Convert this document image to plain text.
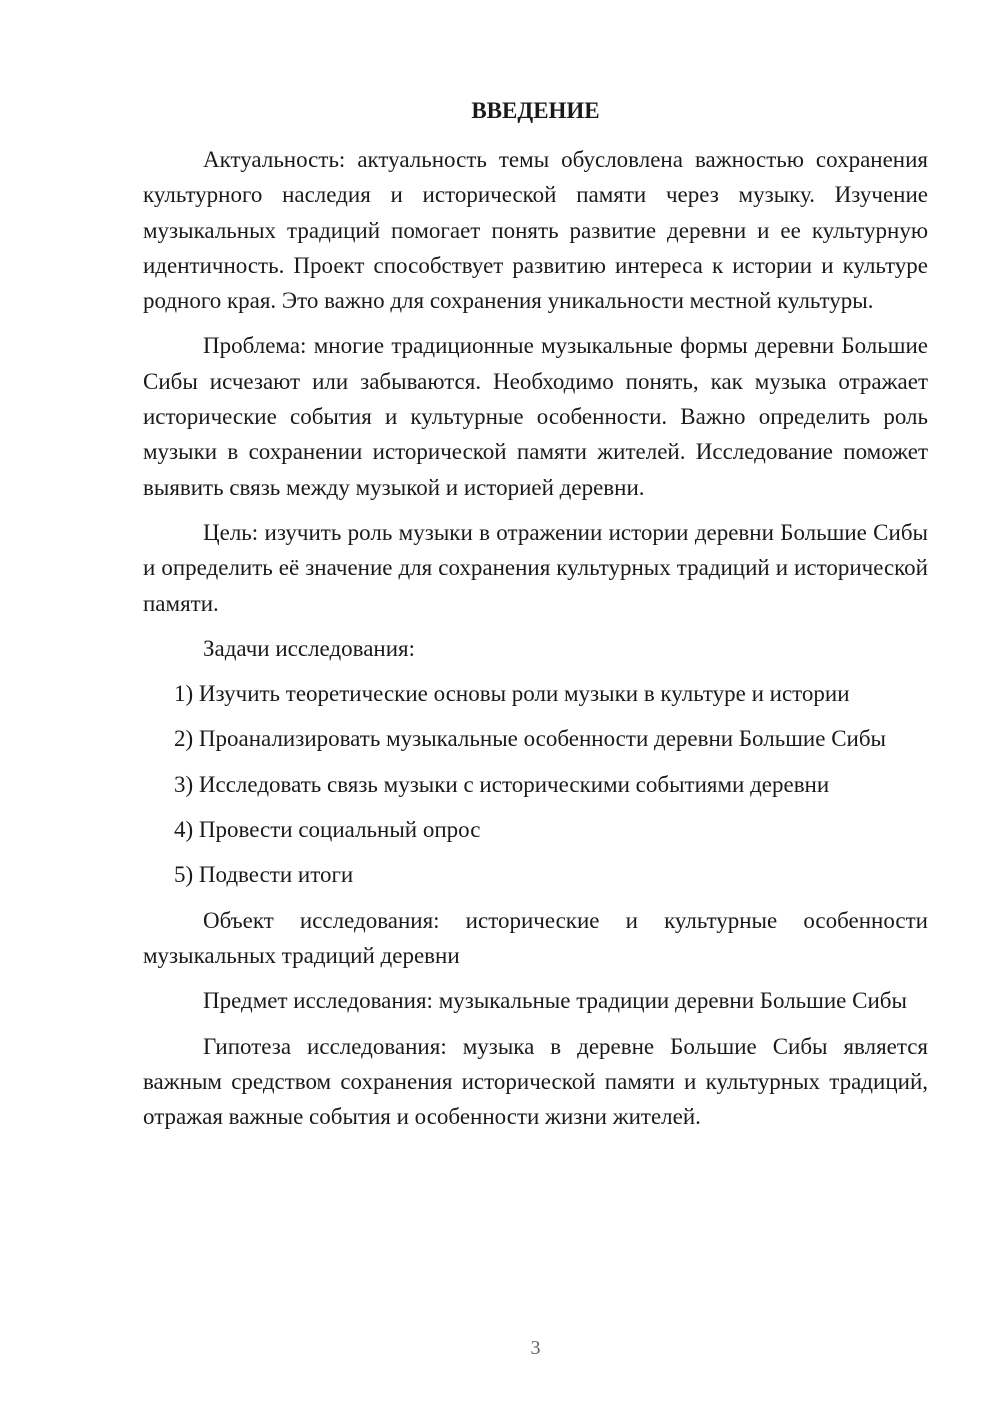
ВВЕДЕНИЕ

Актуальность: актуальность темы обусловлена важностью сохранения культурного наследия и исторической памяти через музыку. Изучение музыкальных традиций помогает понять развитие деревни и ее культурную идентичность. Проект способствует развитию интереса к истории и культуре родного края. Это важно для сохранения уникальности местной культуры.

Проблема: многие традиционные музыкальные формы деревни Большие Сибы исчезают или забываются. Необходимо понять, как музыка отражает исторические события и культурные особенности. Важно определить роль музыки в сохранении исторической памяти жителей. Исследование поможет выявить связь между музыкой и историей деревни.

Цель: изучить роль музыки в отражении истории деревни Большие Сибы и определить её значение для сохранения культурных традиций и исторической памяти.

Задачи исследования:

1) Изучить теоретические основы роли музыки в культуре и истории

2) Проанализировать музыкальные особенности деревни Большие Сибы

3) Исследовать связь музыки с историческими событиями деревни

4) Провести социальный опрос

5) Подвести итоги

Объект исследования: исторические и культурные особенности музыкальных традиций деревни

Предмет исследования: музыкальные традиции деревни Большие Сибы

Гипотеза исследования: музыка в деревне Большие Сибы является важным средством сохранения исторической памяти и культурных традиций, отражая важные события и особенности жизни жителей.

3
